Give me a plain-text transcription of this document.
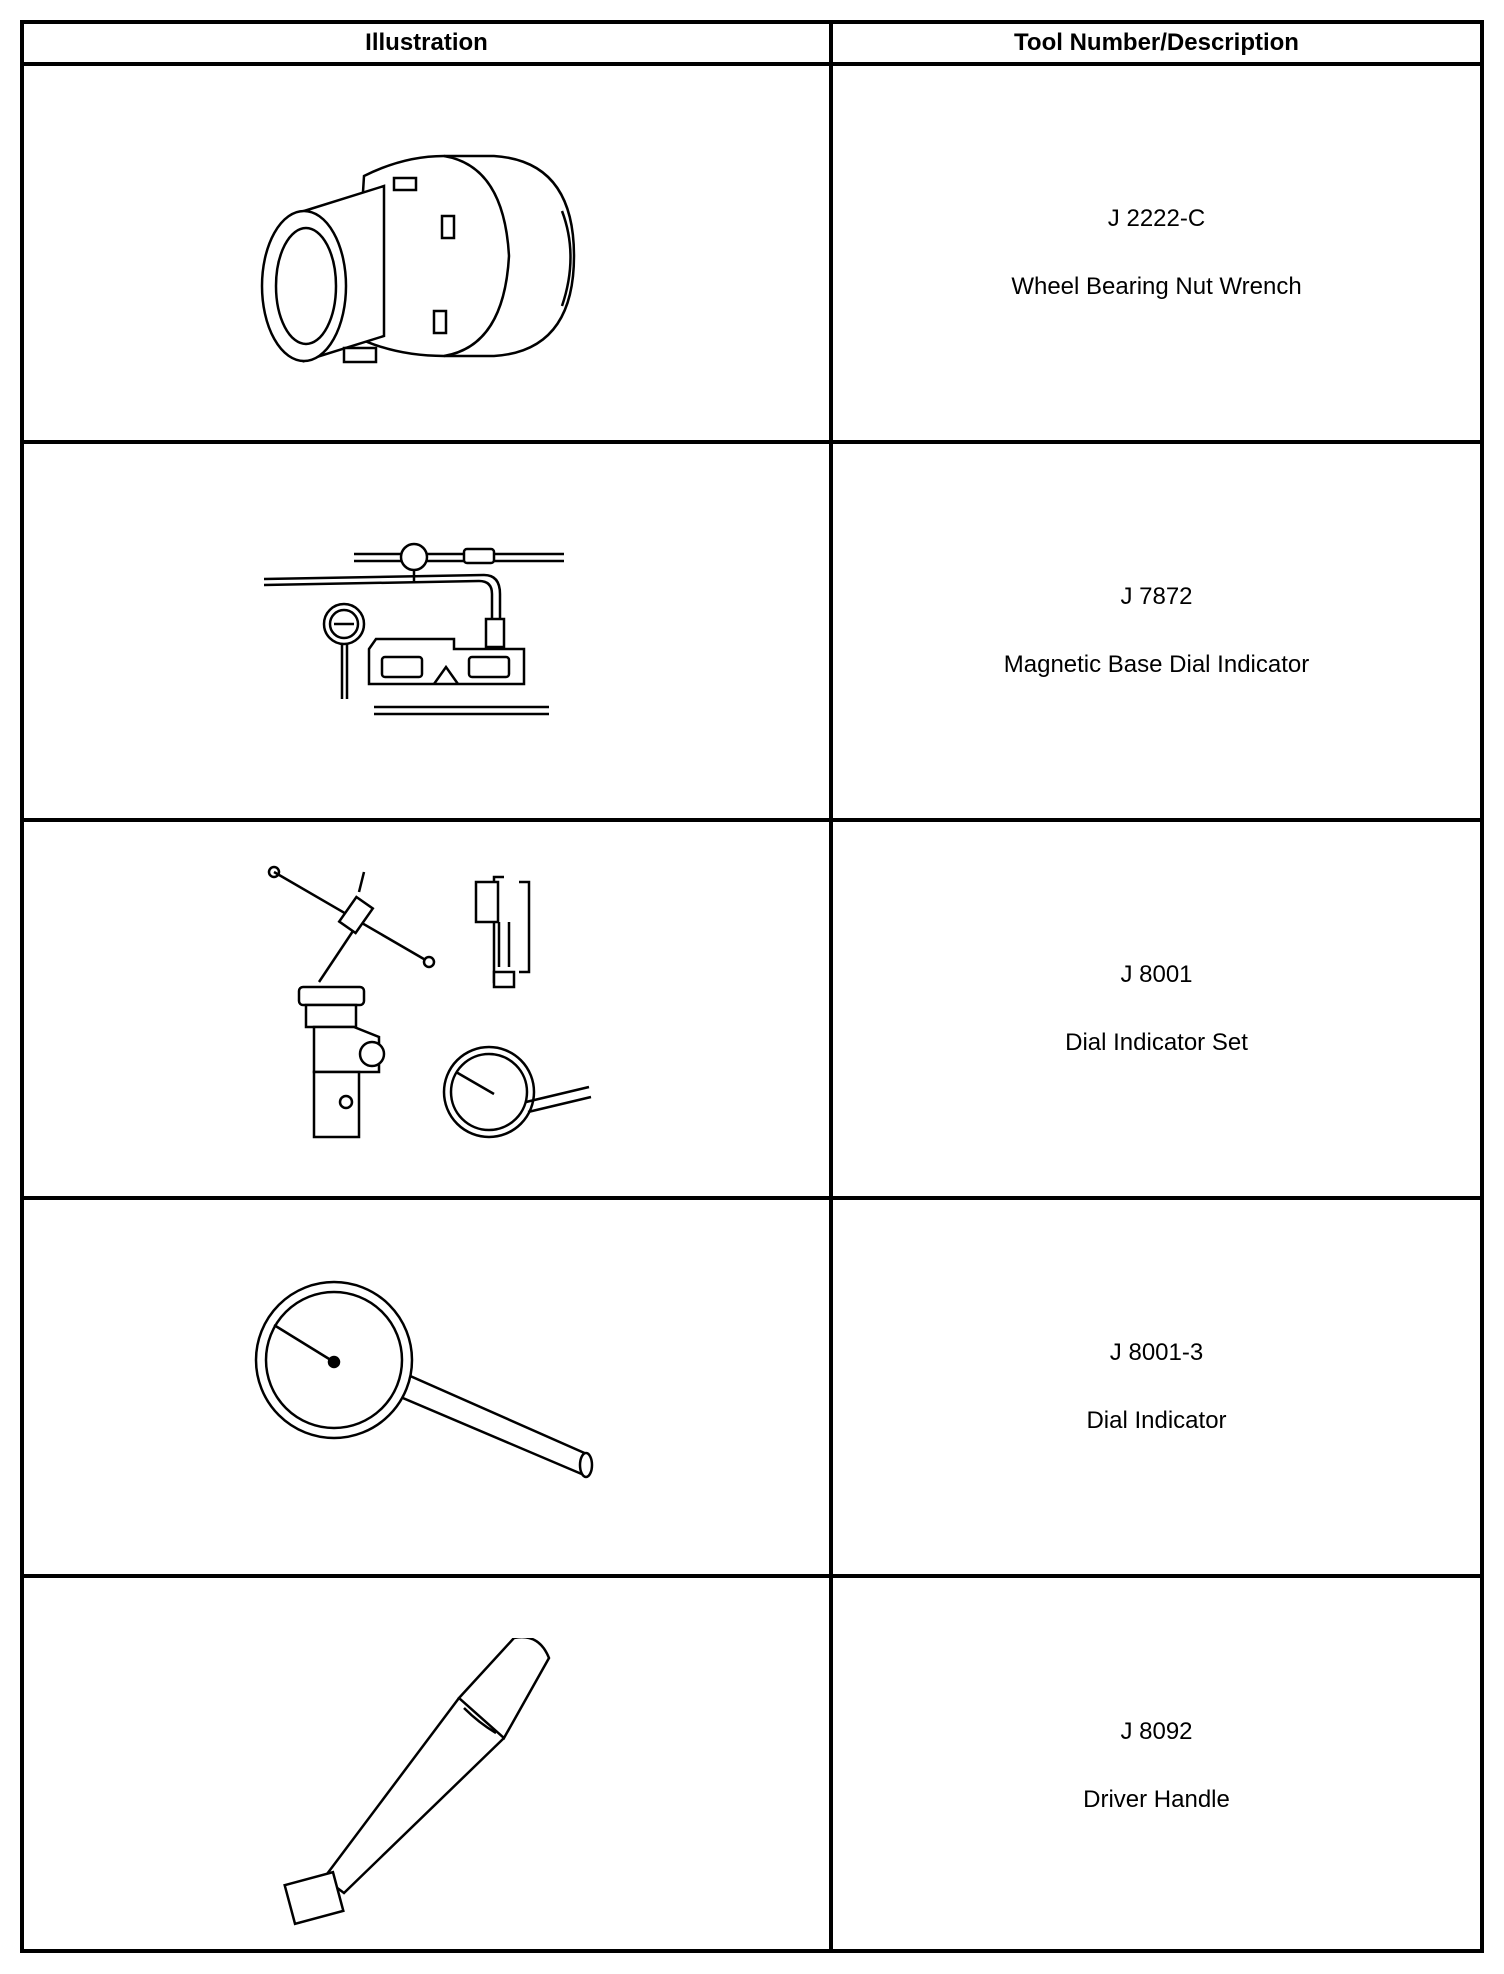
Illustration	Tool Number/Description
J 2222-C
Wheel Bearing Nut Wrench
J 7872
Magnetic Base Dial Indicator
J 8001
Dial Indicator Set
J 8001-3
Dial Indicator
J 8092
Driver Handle
